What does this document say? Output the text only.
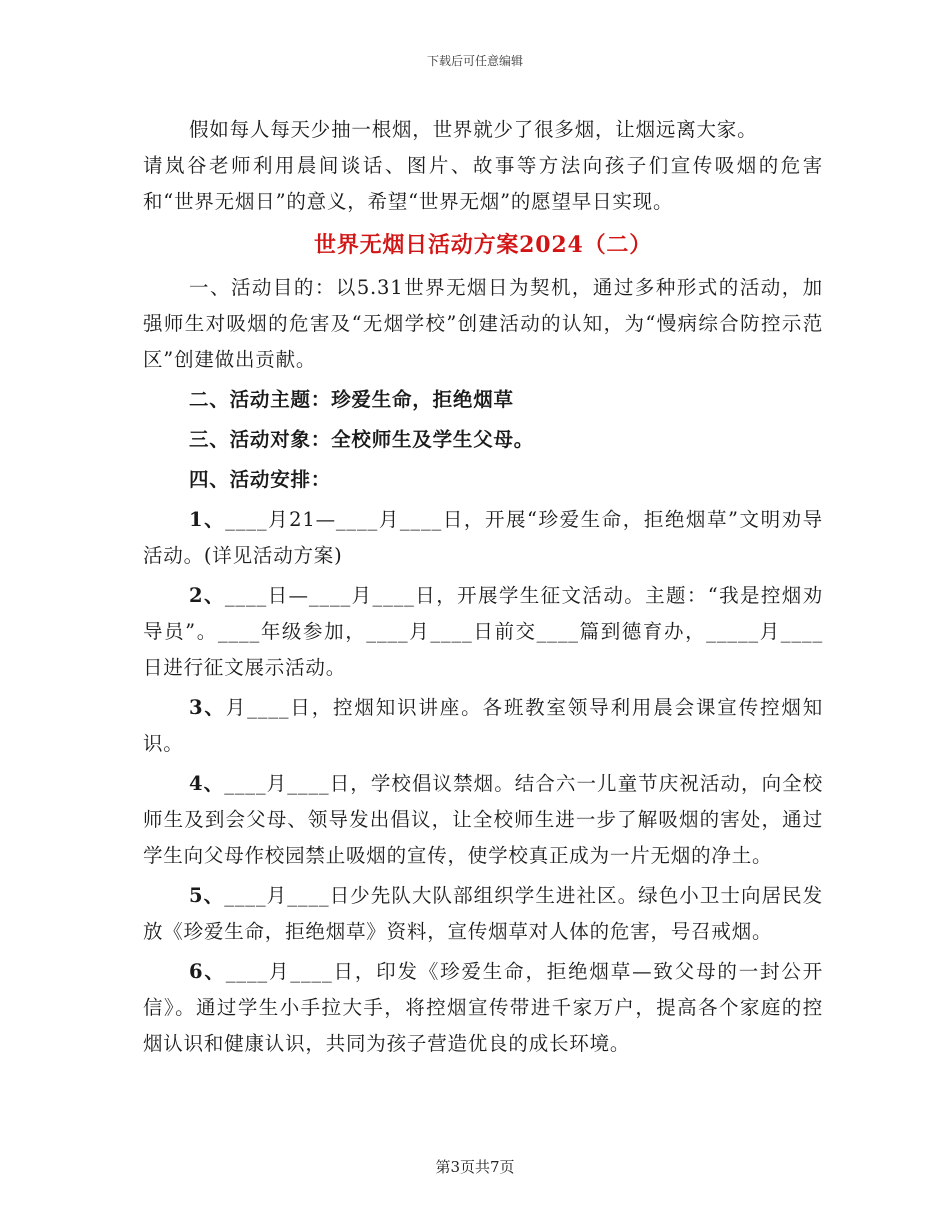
下载后可任意编辑

假如每人每天少抽一根烟，世界就少了很多烟，让烟远离大家。

请岚谷老师利用晨间谈话、图片、故事等方法向孩子们宣传吸烟的危害和“世界无烟日”的意义，希望“世界无烟”的愿望早日实现。

世界无烟日活动方案2024（二）

一、活动目的：以5.31世界无烟日为契机，通过多种形式的活动，加强师生对吸烟的危害及“无烟学校”创建活动的认知，为“慢病综合防控示范区”创建做出贡献。

二、活动主题：珍爱生命，拒绝烟草

三、活动对象：全校师生及学生父母。

四、活动安排：

1、____月21—____月____日，开展“珍爱生命，拒绝烟草”文明劝导活动。(详见活动方案)

2、____日—____月____日，开展学生征文活动。主题：“我是控烟劝导员”。____年级参加，____月____日前交____篇到德育办，_____月____日进行征文展示活动。

3、月____日，控烟知识讲座。各班教室领导利用晨会课宣传控烟知识。

4、____月____日，学校倡议禁烟。结合六一儿童节庆祝活动，向全校师生及到会父母、领导发出倡议，让全校师生进一步了解吸烟的害处，通过学生向父母作校园禁止吸烟的宣传，使学校真正成为一片无烟的净土。

5、____月____日少先队大队部组织学生进社区。绿色小卫士向居民发放《珍爱生命，拒绝烟草》资料，宣传烟草对人体的危害，号召戒烟。

6、____月____日，印发《珍爱生命，拒绝烟草—致父母的一封公开信》。通过学生小手拉大手，将控烟宣传带进千家万户，提高各个家庭的控烟认识和健康认识，共同为孩子营造优良的成长环境。

第3页共7页
